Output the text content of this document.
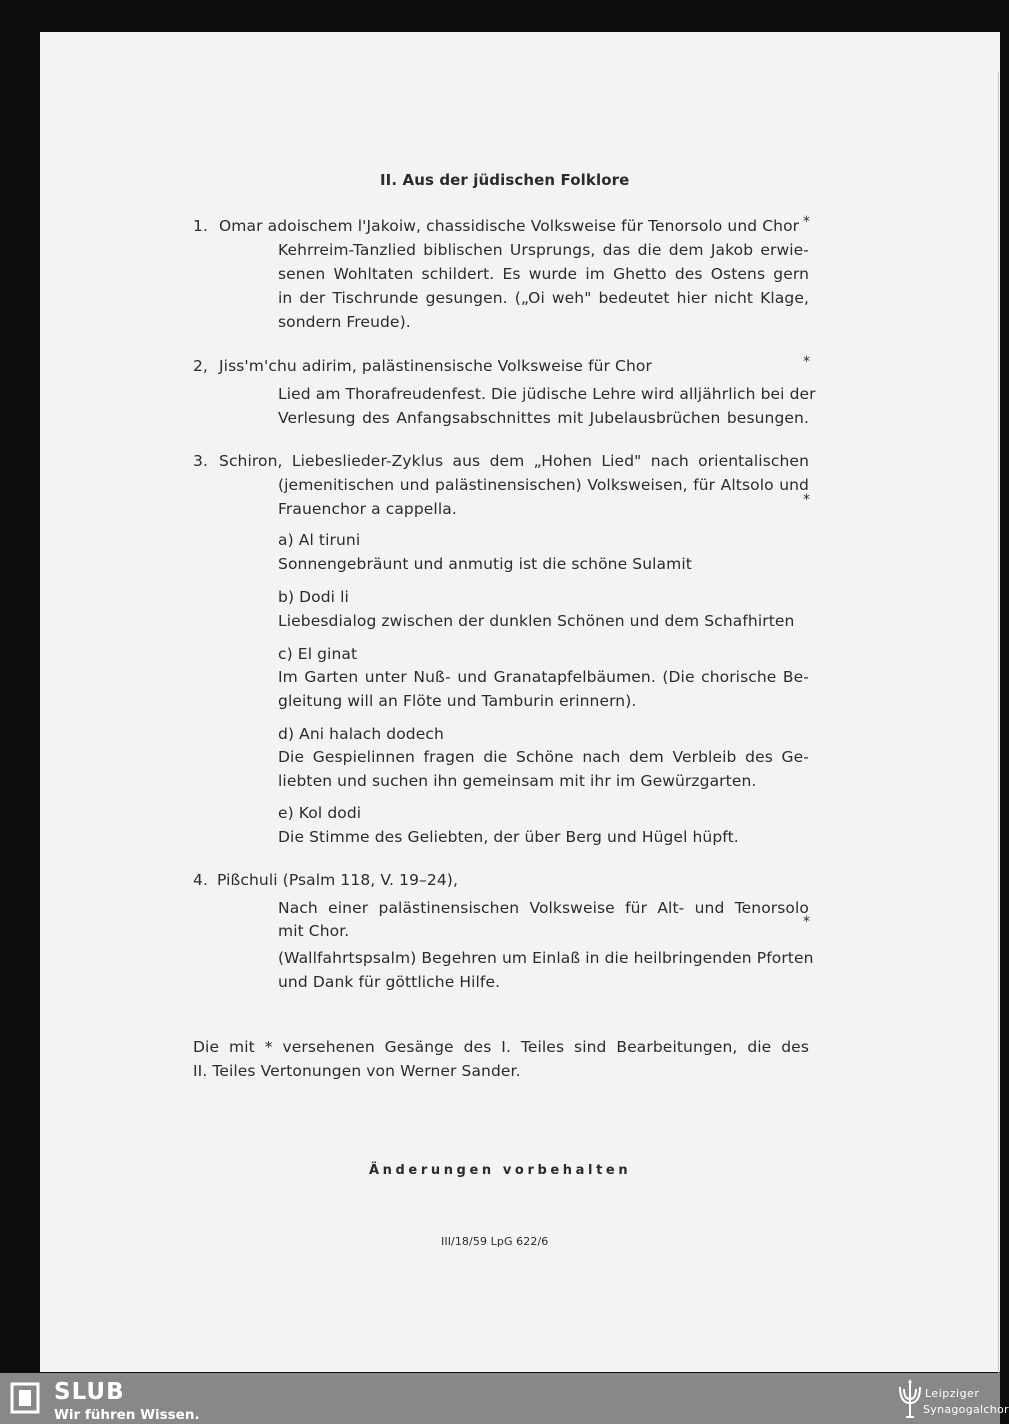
II. Aus der jüdischen Folklore
1. Omar adoischem l'Jakoiw, chassidische Volksweise für Tenorsolo und Chor *
Kehrreim-Tanzlied biblischen Ursprungs, das die dem Jakob erwie-
senen Wohltaten schildert. Es wurde im Ghetto des Ostens gern
in der Tischrunde gesungen. („Oi weh" bedeutet hier nicht Klage,
sondern Freude).
2, Jiss'm'chu adirim, palästinensische Volksweise für Chor	*
Lied am Thorafreudenfest. Die jüdische Lehre wird alljährlich bei der
Verlesung des Anfangsabschnittes mit Jubelausbrüchen besungen.
3. Schiron, Liebeslieder-Zyklus aus dem „Hohen Lied" nach orientalischen
(jemenitischen und palästinensischen) Volksweisen, für Altsolo und
Frauenchor a cappella.	*
a) Al tiruni
Sonnengebräunt und anmutig ist die schöne Sulamit
b) Dodi li
Liebesdialog zwischen der dunklen Schönen und dem Schafhirten
c) El ginat
Im Garten unter Nuß- und Granatapfelbäumen. (Die chorische Be-
gleitung will an Flöte und Tamburin erinnern).
d) Ani halach dodech
Die Gespielinnen fragen die Schöne nach dem Verbleib des Ge-
liebten und suchen ihn gemeinsam mit ihr im Gewürzgarten.
e) Kol dodi
Die Stimme des Geliebten, der über Berg und Hügel hüpft.
4. Pißchuli (Psalm 118, V. 19–24),
Nach einer palästinensischen Volksweise für Alt- und Tenorsolo
mit Chor.	*
(Wallfahrtspsalm) Begehren um Einlaß in die heilbringenden Pforten
und Dank für göttliche Hilfe.
Die mit * versehenen Gesänge des I. Teiles sind Bearbeitungen, die des
II. Teiles Vertonungen von Werner Sander.
Änderungen vorbehalten
III/18/59 LpG 622/6
SLUB
Wir führen Wissen.
Leipziger
Synagogalchor
